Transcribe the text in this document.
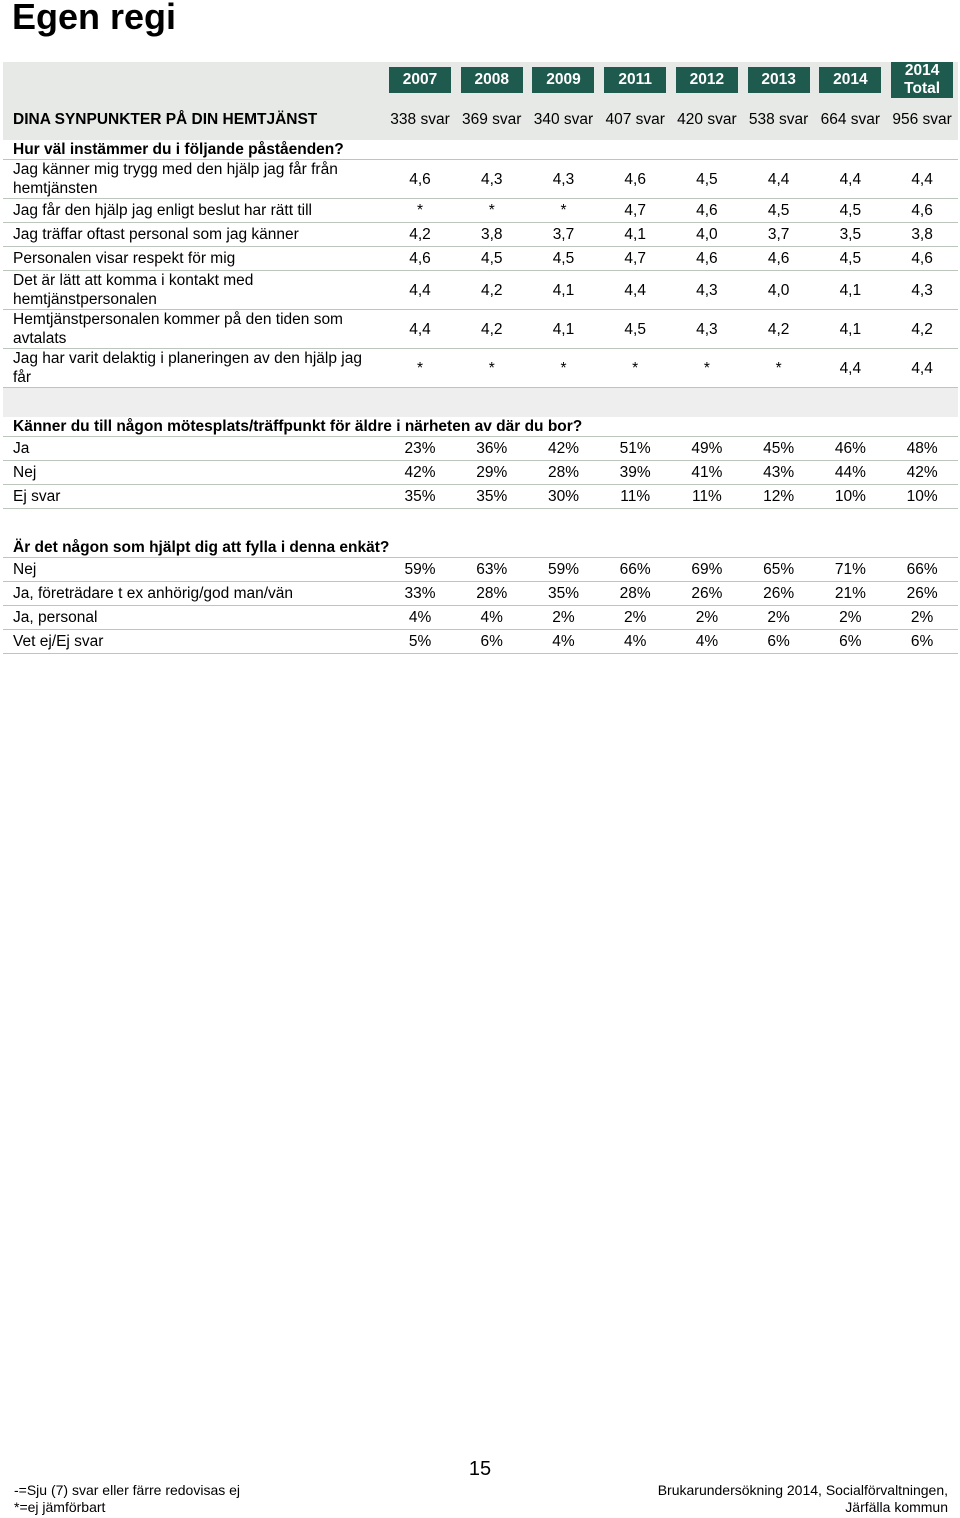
Egen regi
	2007	2008	2009	2011	2012	2013	2014	2014 Total
DINA SYNPUNKTER PÅ DIN HEMTJÄNST	338 svar	369 svar	340 svar	407 svar	420 svar	538 svar	664 svar	956 svar
Hur väl instämmer du i följande påståenden?								
Jag känner mig trygg med den hjälp jag får från hemtjänsten	4,6	4,3	4,3	4,6	4,5	4,4	4,4	4,4
Jag får den hjälp jag enligt beslut har rätt till	*	*	*	4,7	4,6	4,5	4,5	4,6
Jag träffar oftast personal som jag känner	4,2	3,8	3,7	4,1	4,0	3,7	3,5	3,8
Personalen visar respekt för mig	4,6	4,5	4,5	4,7	4,6	4,6	4,5	4,6
Det är lätt att komma i kontakt med hemtjänstpersonalen	4,4	4,2	4,1	4,4	4,3	4,0	4,1	4,3
Hemtjänstpersonalen kommer på den tiden som avtalats	4,4	4,2	4,1	4,5	4,3	4,2	4,1	4,2
Jag har varit delaktig i planeringen av den hjälp jag får	*	*	*	*	*	*	4,4	4,4

Känner du till någon mötesplats/träffpunkt för äldre i närheten av där du bor?								
Ja	23%	36%	42%	51%	49%	45%	46%	48%
Nej	42%	29%	28%	39%	41%	43%	44%	42%
Ej svar	35%	35%	30%	11%	11%	12%	10%	10%

Är det någon som hjälpt dig att fylla i denna enkät?								
Nej	59%	63%	59%	66%	69%	65%	71%	66%
Ja, företrädare t ex anhörig/god man/vän	33%	28%	35%	28%	26%	26%	21%	26%
Ja, personal	4%	4%	2%	2%	2%	2%	2%	2%
Vet ej/Ej svar	5%	6%	4%	4%	4%	6%	6%	6%
15
-=Sju (7) svar eller färre redovisas ej
*=ej jämförbart
Brukarundersökning 2014, Socialförvaltningen,
Järfälla kommun
